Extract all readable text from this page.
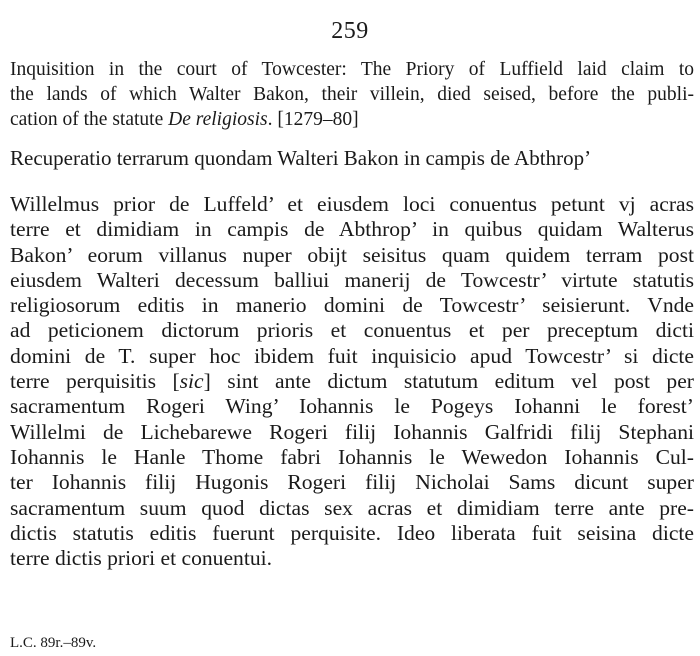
259
Inquisition in the court of Towcester: The Priory of Luffield laid claim to
the lands of which Walter Bakon, their villein, died seised, before the publi-
cation of the statute De religiosis. [1279–80]
Recuperatio terrarum quondam Walteri Bakon in campis de Abthrop’
Willelmus prior de Luffeld’ et eiusdem loci conuentus petunt vj acras
terre et dimidiam in campis de Abthrop’ in quibus quidam Walterus
Bakon’ eorum villanus nuper obijt seisitus quam quidem terram post
eiusdem Walteri decessum balliui manerij de Towcestr’ virtute statutis
religiosorum editis in manerio domini de Towcestr’ seisierunt. Vnde
ad peticionem dictorum prioris et conuentus et per preceptum dicti
domini de T. super hoc ibidem fuit inquisicio apud Towcestr’ si dicte
terre perquisitis [sic] sint ante dictum statutum editum vel post per
sacramentum Rogeri Wing’ Iohannis le Pogeys Iohanni le forest’
Willelmi de Lichebarewe Rogeri filij Iohannis Galfridi filij Stephani
Iohannis le Hanle Thome fabri Iohannis le Wewedon Iohannis Cul-
ter Iohannis filij Hugonis Rogeri filij Nicholai Sams dicunt super
sacramentum suum quod dictas sex acras et dimidiam terre ante pre-
dictis statutis editis fuerunt perquisite. Ideo liberata fuit seisina dicte
terre dictis priori et conuentui.
L.C. 89r.–89v.
